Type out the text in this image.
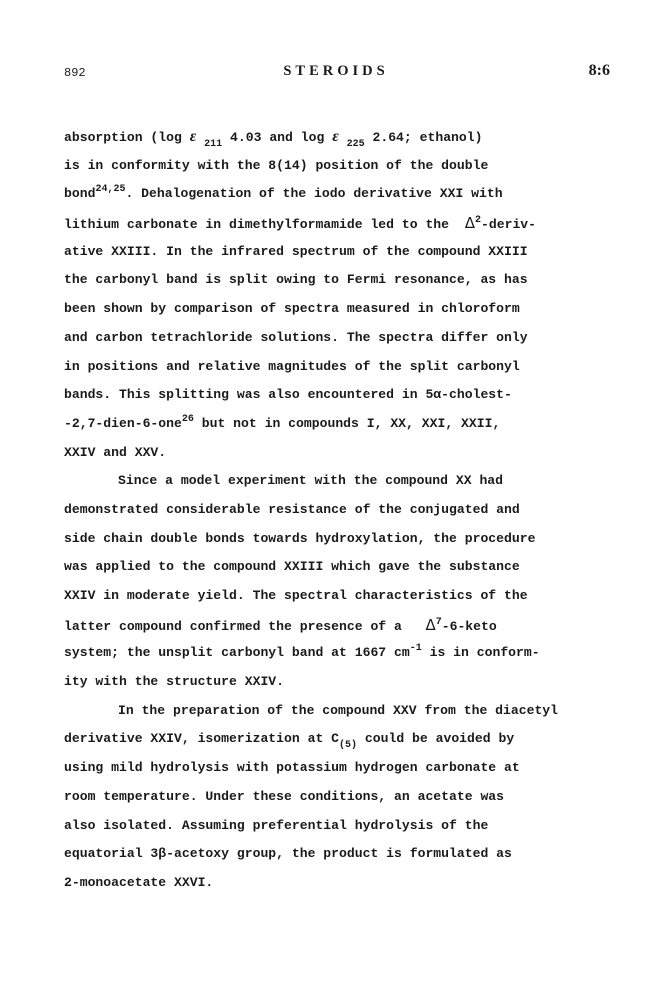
892	STEROIDS	8:6
absorption (log ε $_{211}$ 4.03 and log ε $_{225}$ 2.64; ethanol)
is in conformity with the 8(14) position of the double
bond$^{24,25}$. Dehalogenation of the iodo derivative XXI with
lithium carbonate in dimethylformamide led to the  $\Delta^2-deriv-$
ative XXIII. In the infrared spectrum of the compound XXIII
the carbonyl band is split owing to Fermi resonance, as has
been shown by comparison of spectra measured in chloroform
and carbon tetrachloride solutions. The spectra differ only
in positions and relative magnitudes of the split carbonyl
bands. This splitting was also encountered in 5α-cholest-
-2,7-dien-6-one$^{26}$ but not in compounds I, XX, XXI, XXII,
XXIV and XXV.
Since a model experiment with the compound XX had
demonstrated considerable resistance of the conjugated and
side chain double bonds towards hydroxylation, the procedure
was applied to the compound XXIII which gave the substance
XXIV in moderate yield. The spectral characteristics of the
latter compound confirmed the presence of a   $\Delta^7-6$-keto
system; the unsplit carbonyl band at 1667 $cm^{-1}$ is in conform-
ity with the structure XXIV.
In the preparation of the compound XXV from the diacetyl
derivative XXIV, isomerization at $C_{(5)}$ could be avoided by
using mild hydrolysis with potassium hydrogen carbonate at
room temperature. Under these conditions, an acetate was
also isolated. Assuming preferential hydrolysis of the
equatorial 3β-acetoxy group, the product is formulated as
2-monoacetate XXVI.
